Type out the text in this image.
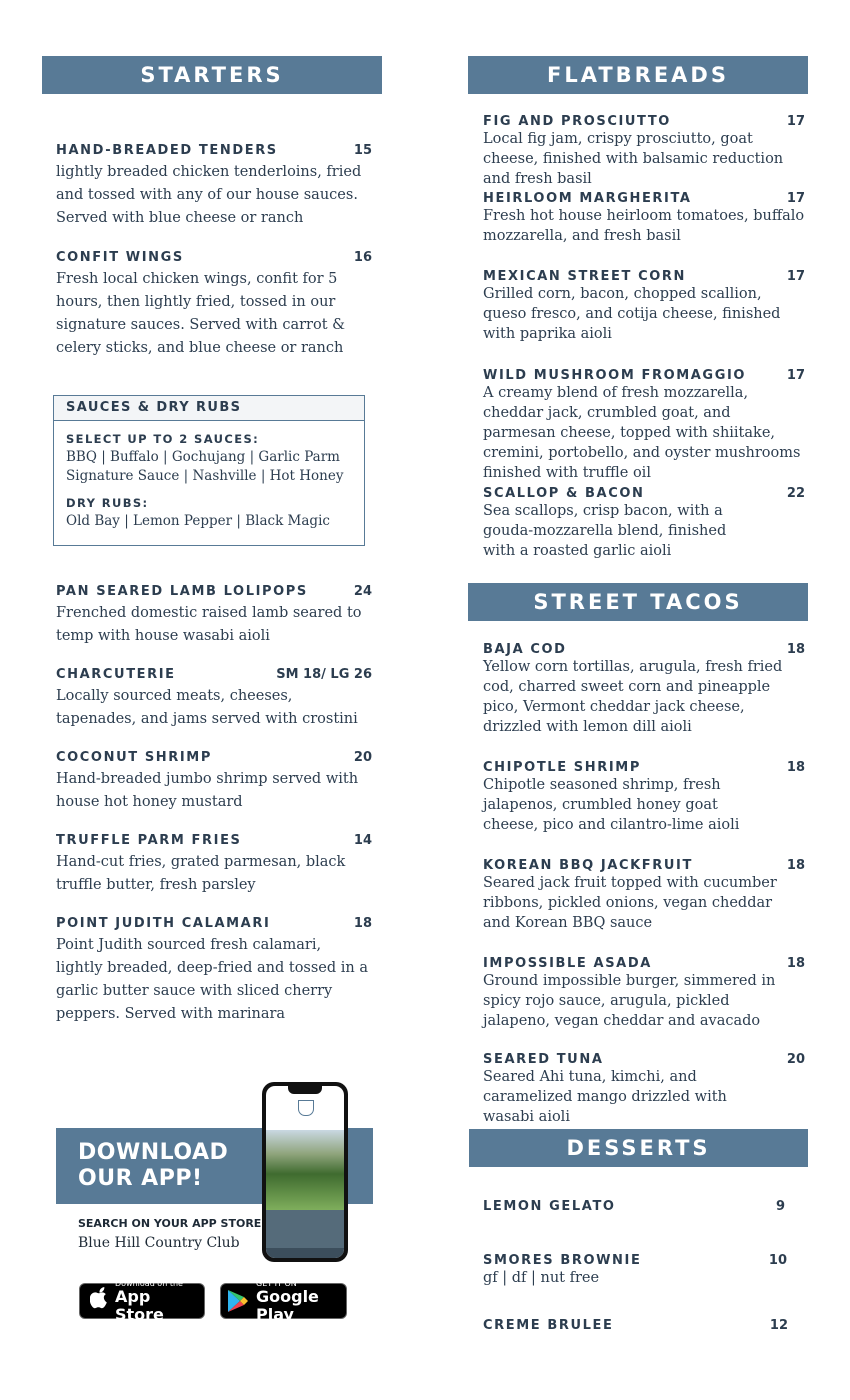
STARTERS
HAND-BREADED TENDERS	15
lightly breaded chicken tenderloins, fried and tossed with any of our house sauces. Served with blue cheese or ranch
CONFIT WINGS	16
Fresh local chicken wings, confit for 5 hours, then lightly fried, tossed in our signature sauces. Served with carrot & celery sticks, and blue cheese or ranch
SAUCES & DRY RUBS
SELECT UP TO 2 SAUCES:
BBQ | Buffalo | Gochujang | Garlic Parm
Signature Sauce | Nashville | Hot Honey
DRY RUBS:
Old Bay | Lemon Pepper | Black Magic
PAN SEARED LAMB LOLIPOPS	24
Frenched domestic raised lamb seared to temp with house wasabi aioli
CHARCUTERIE	SM 18/ LG 26
Locally sourced meats, cheeses, tapenades, and jams served with crostini
COCONUT SHRIMP	20
Hand-breaded jumbo shrimp served with house hot honey mustard
TRUFFLE PARM FRIES	14
Hand-cut fries, grated parmesan, black truffle butter, fresh parsley
POINT JUDITH CALAMARI	18
Point Judith sourced fresh calamari, lightly breaded, deep-fried and tossed in a garlic butter sauce with sliced cherry peppers. Served with marinara
DOWNLOAD
OUR APP!
SEARCH ON YOUR APP STORE
Blue Hill Country Club
Download on the
App Store
GET IT ON
Google Play
FLATBREADS
FIG AND PROSCIUTTO	17
Local fig jam, crispy prosciutto, goat cheese, finished with balsamic reduction and fresh basil
HEIRLOOM MARGHERITA	17
Fresh hot house heirloom tomatoes, buffalo mozzarella, and fresh basil
MEXICAN STREET CORN	17
Grilled corn, bacon, chopped scallion, queso fresco, and cotija cheese, finished with paprika aioli
WILD MUSHROOM FROMAGGIO	17
A creamy blend of fresh mozzarella, cheddar jack, crumbled goat, and parmesan cheese, topped with shiitake, cremini, portobello, and oyster mushrooms finished with truffle oil
SCALLOP & BACON	22
Sea scallops, crisp bacon, with a gouda-mozzarella blend, finished with a roasted garlic aioli
STREET TACOS
BAJA COD	18
Yellow corn tortillas, arugula, fresh fried cod, charred sweet corn and pineapple pico, Vermont cheddar jack cheese, drizzled with lemon dill aioli
CHIPOTLE SHRIMP	18
Chipotle seasoned shrimp, fresh jalapenos, crumbled honey goat cheese, pico and cilantro-lime aioli
KOREAN BBQ JACKFRUIT	18
Seared jack fruit topped with cucumber ribbons, pickled onions, vegan cheddar and Korean BBQ sauce
IMPOSSIBLE ASADA	18
Ground impossible burger, simmered in spicy rojo sauce, arugula, pickled jalapeno, vegan cheddar and avacado
SEARED TUNA	20
Seared Ahi tuna, kimchi, and caramelized mango drizzled with wasabi aioli
DESSERTS
LEMON GELATO	9
SMORES BROWNIE	10
gf | df | nut free
CREME BRULEE	12
